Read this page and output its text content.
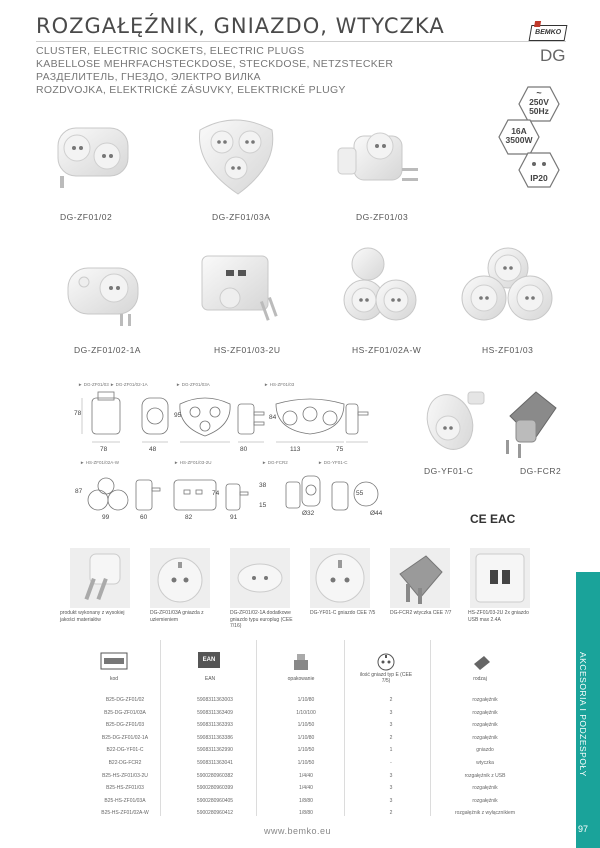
ROZGAŁĘŹNIK, GNIAZDO, WTYCZKA	BEMKO
DG
CLUSTER, ELECTRIC SOCKETS, ELECTRIC PLUGS
KABELLOSE MEHRFACHSTECKDOSE, STECKDOSE, NETZSTECKER
РАЗДЕЛИТЕЛЬ, ГНЕЗДО, ЭЛЕКТРО ВИЛКА
ROZDVOJKA, ELEKTRICKÉ ZÁSUVKY, ELEKTRICKÉ PLUGY	~
250V
50Hz
16A
3500W
IP20
DG-ZF01/02	DG-ZF01/03A	DG-ZF01/03
DG-ZF01/02-1A	HS-ZF01/03-2U	HS-ZF01/02A-W	HS-ZF01/03
DG-YF01-C	DG-FCR2
► DG-ZF01/03 ► DG-ZF01/02-1A	► DG-ZF01/03A	► HS-ZF01/03
78
78	48
95
80
84
113	75
► HS-ZF01/02A-W	► HS-ZF01/03-2U	► DG-FCR2	► DG-YF01-C
87
99	60
74
82	91
38
15
Ø32
55
Ø44	CE EAC
produkt wykonany z wysokiej jakości materiałów
DG-ZF01/03A gniazda z uziemieniem
DG-ZF01/02-1A dodatkowe gniazdo typu europlug (CEE 7/16)
DG-YF01-C gniazdo CEE 7/5	DG-FCR2 wtyczka CEE 7/7	HS-ZF01/03-2U 2x gniazdo USB max 2.4A
EAN
kod	EAN	opakowanie
ilość gniazd typ E (CEE 7/5)	rodzaj
B25-DG-ZF01/02	5908311363003	1/10/80	2	rozgałęźnik
B25-DG-ZF01/03A	5908311363409	1/10/100	3	rozgałęźnik
B25-DG-ZF01/03	5908311363393	1/10/50	3	rozgałęźnik
B25-DG-ZF01/02-1A	5908311363386	1/10/80	2	rozgałęźnik
B22-DG-YF01-C	5908311362990	1/10/50	1	gniazdo
B22-DG-FCR2	5908311363041	1/10/50	-	wtyczka
B25-HS-ZF01/03-2U	5900280960382	1/4/40	3	rozgałęźnik z USB
B25-HS-ZF01/03	5900280960399	1/4/40	3	rozgałęźnik
B25-HS-ZF01/03A	5900280960405	1/8/80	3	rozgałęźnik
B25-HS-ZF01/02A-W	5900280960412	1/8/80	2	rozgałęźnik z wyłącznikiem
AKCESORIA I PODZESPOŁY
97
www.bemko.eu
